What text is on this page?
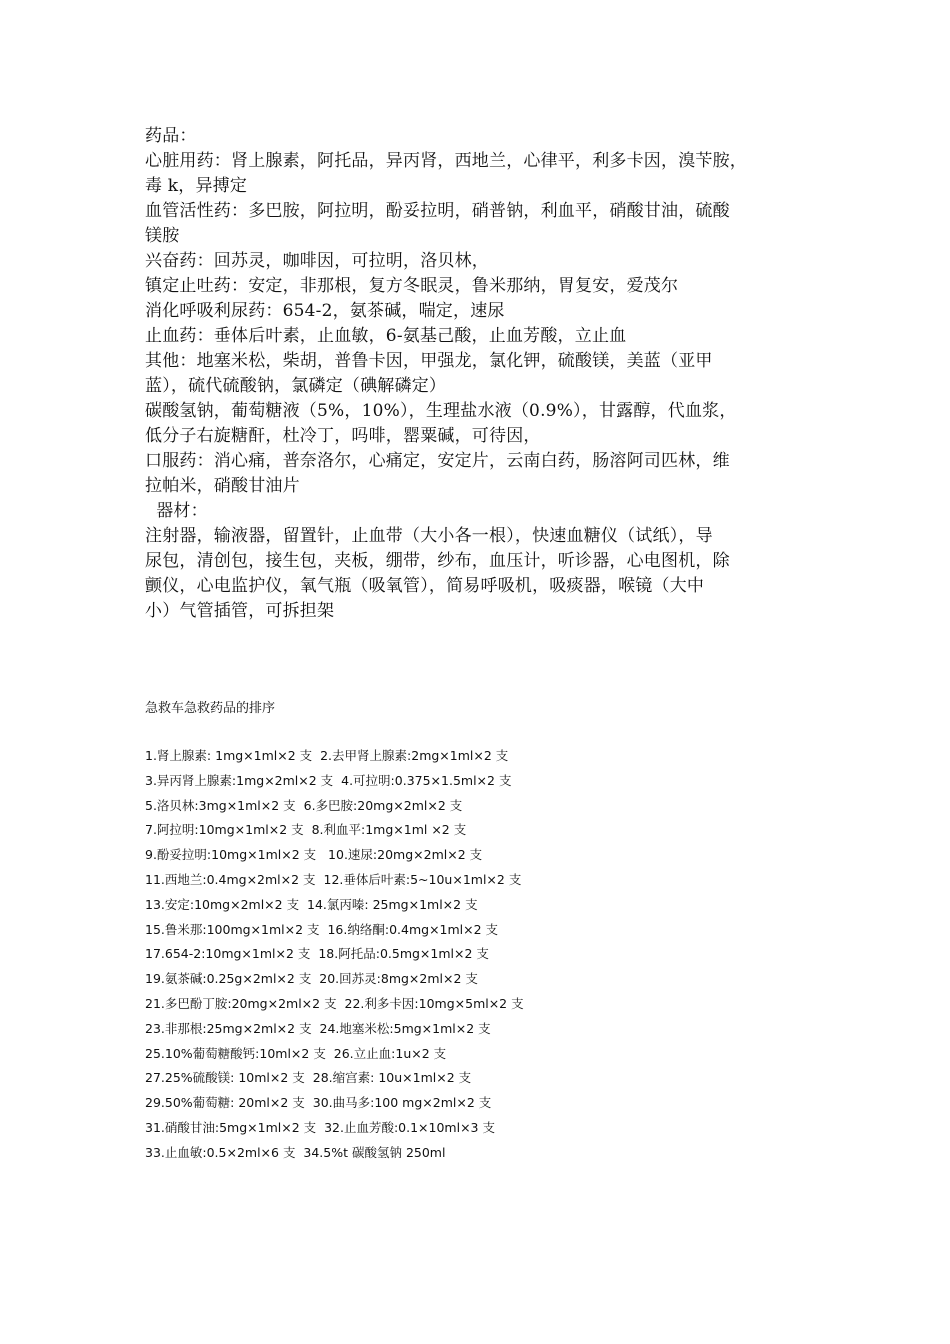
药品：
心脏用药：肾上腺素，阿托品，异丙肾，西地兰，心律平，利多卡因，溴苄胺，
毒 k，异搏定
血管活性药：多巴胺，阿拉明，酚妥拉明，硝普钠，利血平，硝酸甘油，硫酸
镁胺
兴奋药：回苏灵，咖啡因，可拉明，洛贝林，
镇定止吐药：安定，非那根，复方冬眠灵，鲁米那纳，胃复安，爱茂尔
消化呼吸利尿药：654-2，氨茶碱，喘定，速尿
止血药：垂体后叶素，止血敏，6-氨基己酸，止血芳酸，立止血
其他：地塞米松，柴胡，普鲁卡因，甲强龙，氯化钾，硫酸镁，美蓝（亚甲
蓝），硫代硫酸钠，氯磷定（碘解磷定）
碳酸氢钠，葡萄糖液（5%，10%），生理盐水液（0.9%），甘露醇，代血浆，
低分子右旋糖酐，杜冷丁，吗啡，罂粟碱，可待因，
口服药：消心痛，普奈洛尔，心痛定，安定片，云南白药，肠溶阿司匹林，维
拉帕米，硝酸甘油片
器材：
注射器，输液器，留置针，止血带（大小各一根），快速血糖仪（试纸），导
尿包，清创包，接生包，夹板，绷带，纱布，血压计，听诊器，心电图机，除
颤仪，心电监护仪，氧气瓶（吸氧管），简易呼吸机，吸痰器，喉镜（大中
小）气管插管，可拆担架
急救车急救药品的排序
1.肾上腺素: 1mg×1ml×2 支  2.去甲肾上腺素:2mg×1ml×2 支
3.异丙肾上腺素:1mg×2ml×2 支  4.可拉明:0.375×1.5ml×2 支
5.洛贝林:3mg×1ml×2 支  6.多巴胺:20mg×2ml×2 支
7.阿拉明:10mg×1ml×2 支  8.利血平:1mg×1ml ×2 支
9.酚妥拉明:10mg×1ml×2 支   10.速尿:20mg×2ml×2 支
11.西地兰:0.4mg×2ml×2 支  12.垂体后叶素:5~10u×1ml×2 支
13.安定:10mg×2ml×2 支  14.氯丙嗪: 25mg×1ml×2 支
15.鲁米那:100mg×1ml×2 支  16.纳络酮:0.4mg×1ml×2 支
17.654-2:10mg×1ml×2 支  18.阿托品:0.5mg×1ml×2 支
19.氨茶碱:0.25g×2ml×2 支  20.回苏灵:8mg×2ml×2 支
21.多巴酚丁胺:20mg×2ml×2 支  22.利多卡因:10mg×5ml×2 支
23.非那根:25mg×2ml×2 支  24.地塞米松:5mg×1ml×2 支
25.10%葡萄糖酸钙:10ml×2 支  26.立止血:1u×2 支
27.25%硫酸镁: 10ml×2 支  28.缩宫素: 10u×1ml×2 支
29.50%葡萄糖: 20ml×2 支  30.曲马多:100 mg×2ml×2 支
31.硝酸甘油:5mg×1ml×2 支  32.止血芳酸:0.1×10ml×3 支
33.止血敏:0.5×2ml×6 支  34.5%t 碳酸氢钠 250ml
